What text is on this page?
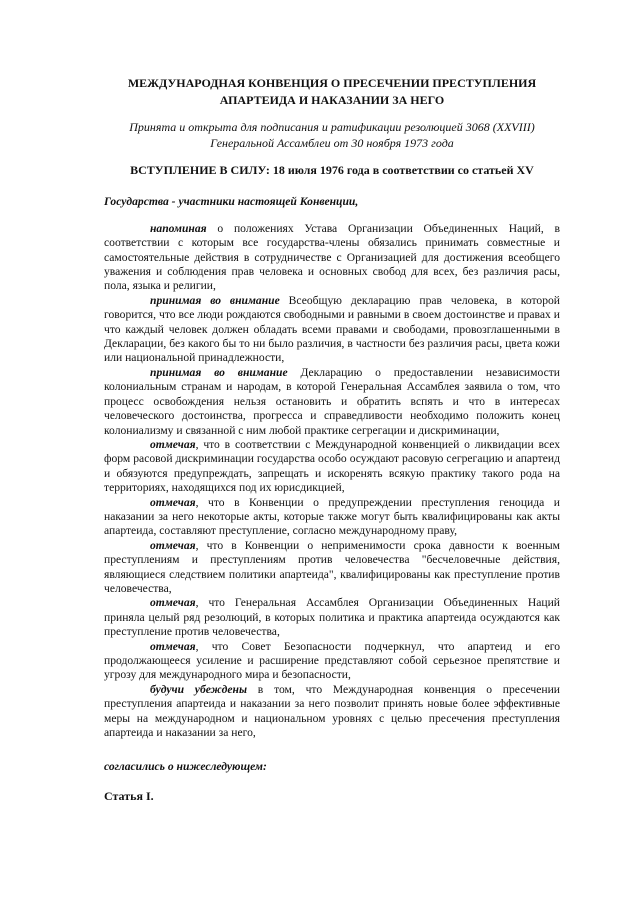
МЕЖДУНАРОДНАЯ КОНВЕНЦИЯ О ПРЕСЕЧЕНИИ ПРЕСТУПЛЕНИЯ
АПАРТЕИДА И НАКАЗАНИИ ЗА НЕГО

Принята и открыта для подписания и ратификации резолюцией 3068 (XXVIII)
Генеральной Ассамблеи от 30 ноября 1973 года

ВСТУПЛЕНИЕ В СИЛУ: 18 июля 1976 года в соответствии со статьей XV

Государства - участники настоящей Конвенции,

напоминая о положениях Устава Организации Объединенных Наций, в соответствии с которым все государства-члены обязались принимать совместные и самостоятельные действия в сотрудничестве с Организацией для достижения всеобщего уважения и соблюдения прав человека и основных свобод для всех, без различия расы, пола, языка и религии,

принимая во внимание Всеобщую декларацию прав человека, в которой говорится, что все люди рождаются свободными и равными в своем достоинстве и правах и что каждый человек должен обладать всеми правами и свободами, провозглашенными в Декларации, без какого бы то ни было различия, в частности без различия расы, цвета кожи или национальной принадлежности,

принимая во внимание Декларацию о предоставлении независимости колониальным странам и народам, в которой Генеральная Ассамблея заявила о том, что процесс освобождения нельзя остановить и обратить вспять и что в интересах человеческого достоинства, прогресса и справедливости необходимо положить конец колониализму и связанной с ним любой практике сегрегации и дискриминации,

отмечая, что в соответствии с Международной конвенцией о ликвидации всех форм расовой дискриминации государства особо осуждают расовую сегрегацию и апартеид и обязуются предупреждать, запрещать и искоренять всякую практику такого рода на территориях, находящихся под их юрисдикцией,

отмечая, что в Конвенции о предупреждении преступления геноцида и наказании за него некоторые акты, которые также могут быть квалифицированы как акты апартеида, составляют преступление, согласно международному праву,

отмечая, что в Конвенции о неприменимости срока давности к военным преступлениям и преступлениям против человечества "бесчеловечные действия, являющиеся следствием политики апартеида", квалифицированы как преступление против человечества,

отмечая, что Генеральная Ассамблея Организации Объединенных Наций приняла целый ряд резолюций, в которых политика и практика апартеида осуждаются как преступление против человечества,

отмечая, что Совет Безопасности подчеркнул, что апартеид и его продолжающееся усиление и расширение представляют собой серьезное препятствие и угрозу для международного мира и безопасности,

будучи убеждены в том, что Международная конвенция о пресечении преступления апартеида и наказании за него позволит принять новые более эффективные меры на международном и национальном уровнях с целью пресечения преступления апартеида и наказании за него,

согласились о нижеследующем:

Статья I.
